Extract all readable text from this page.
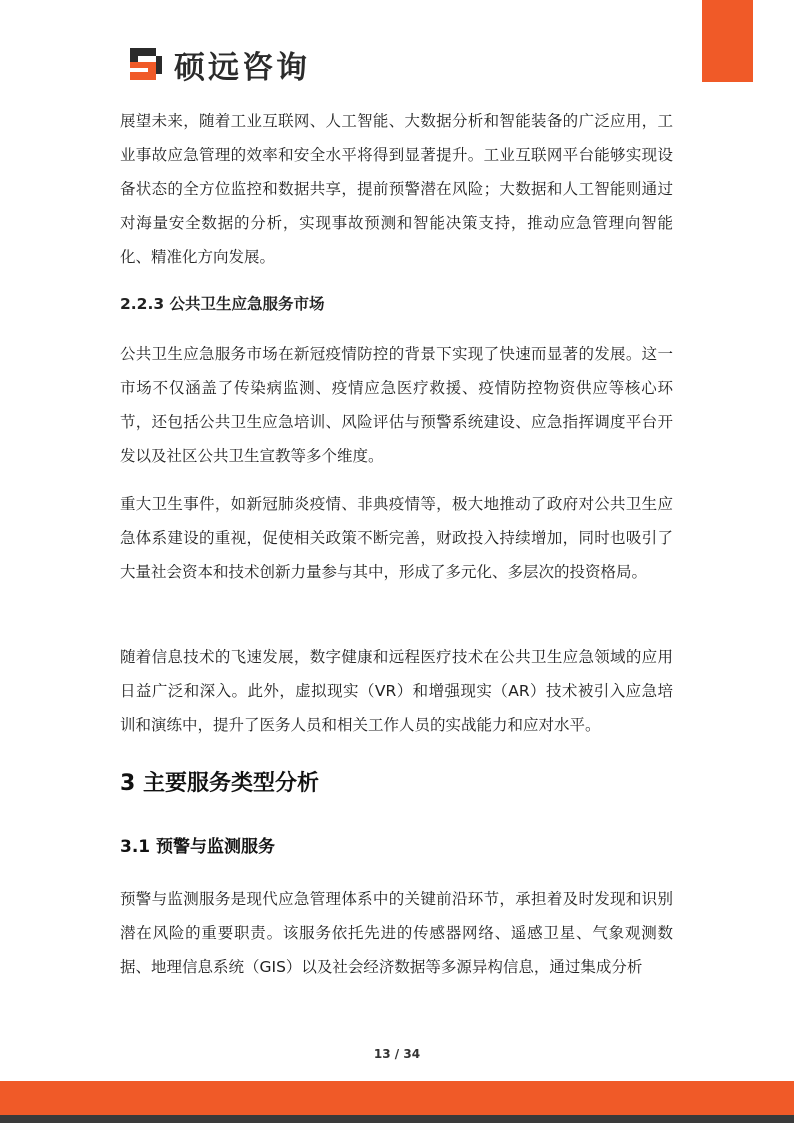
硕远咨询

展望未来，随着工业互联网、人工智能、大数据分析和智能装备的广泛应用，工业事故应急管理的效率和安全水平将得到显著提升。工业互联网平台能够实现设备状态的全方位监控和数据共享，提前预警潜在风险；大数据和人工智能则通过对海量安全数据的分析，实现事故预测和智能决策支持，推动应急管理向智能化、精准化方向发展。

2.2.3 公共卫生应急服务市场

公共卫生应急服务市场在新冠疫情防控的背景下实现了快速而显著的发展。这一市场不仅涵盖了传染病监测、疫情应急医疗救援、疫情防控物资供应等核心环节，还包括公共卫生应急培训、风险评估与预警系统建设、应急指挥调度平台开发以及社区公共卫生宣教等多个维度。

重大卫生事件，如新冠肺炎疫情、非典疫情等，极大地推动了政府对公共卫生应急体系建设的重视，促使相关政策不断完善，财政投入持续增加，同时也吸引了大量社会资本和技术创新力量参与其中，形成了多元化、多层次的投资格局。

随着信息技术的飞速发展，数字健康和远程医疗技术在公共卫生应急领域的应用日益广泛和深入。此外，虚拟现实（VR）和增强现实（AR）技术被引入应急培训和演练中，提升了医务人员和相关工作人员的实战能力和应对水平。

3 主要服务类型分析
3.1 预警与监测服务

预警与监测服务是现代应急管理体系中的关键前沿环节，承担着及时发现和识别潜在风险的重要职责。该服务依托先进的传感器网络、遥感卫星、气象观测数据、地理信息系统（GIS）以及社会经济数据等多源异构信息，通过集成分析

13 / 34
